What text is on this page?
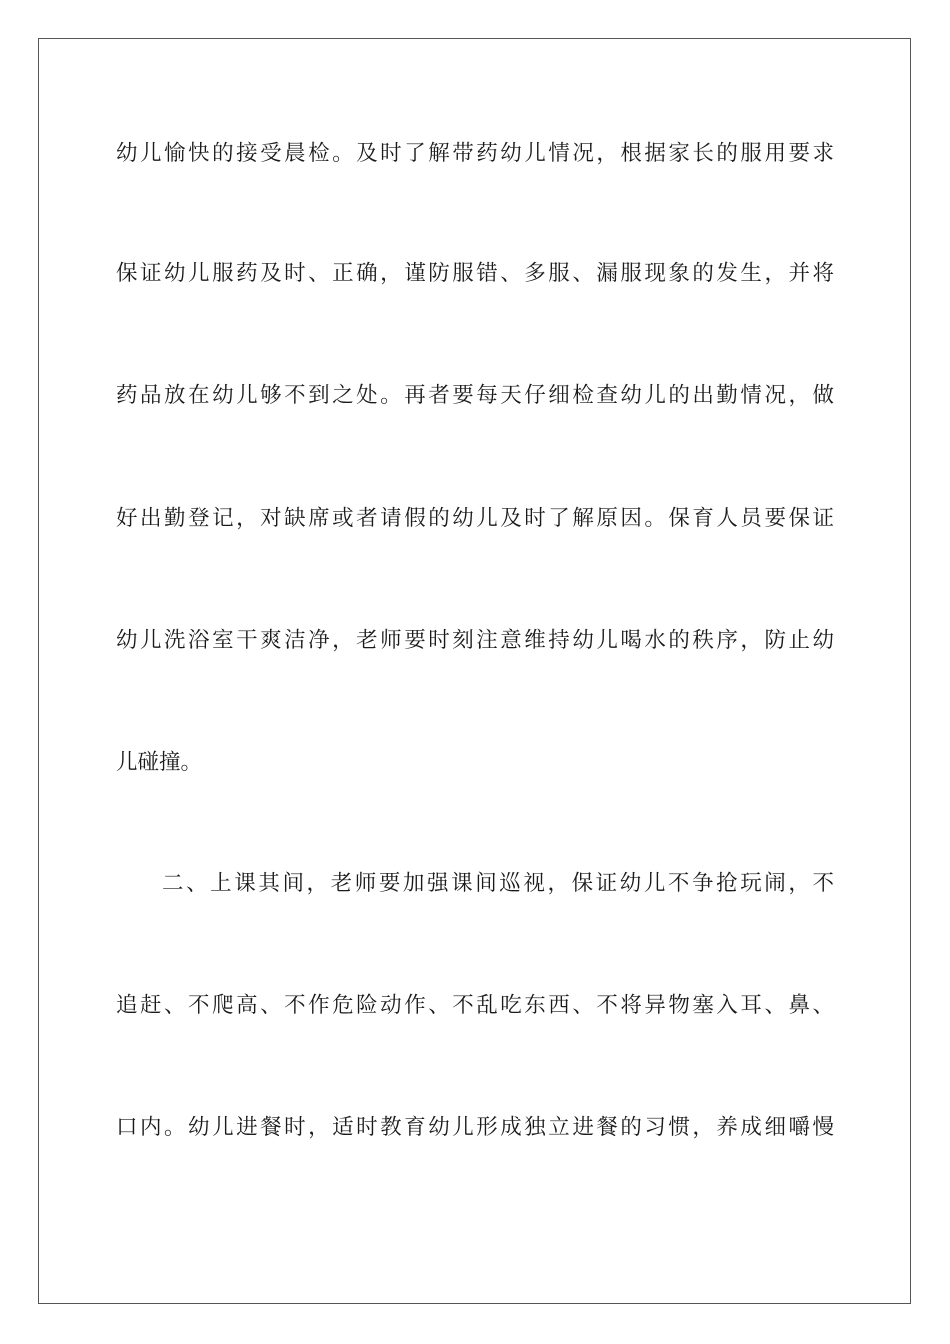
幼儿愉快的接受晨检。及时了解带药幼儿情况，根据家长的服用要求
保证幼儿服药及时、正确，谨防服错、多服、漏服现象的发生，并将
药品放在幼儿够不到之处。再者要每天仔细检查幼儿的出勤情况，做
好出勤登记，对缺席或者请假的幼儿及时了解原因。保育人员要保证
幼儿洗浴室干爽洁净，老师要时刻注意维持幼儿喝水的秩序，防止幼
儿碰撞。
二、上课其间，老师要加强课间巡视，保证幼儿不争抢玩闹，不
追赶、不爬高、不作危险动作、不乱吃东西、不将异物塞入耳、鼻、
口内。幼儿进餐时，适时教育幼儿形成独立进餐的习惯，养成细嚼慢
